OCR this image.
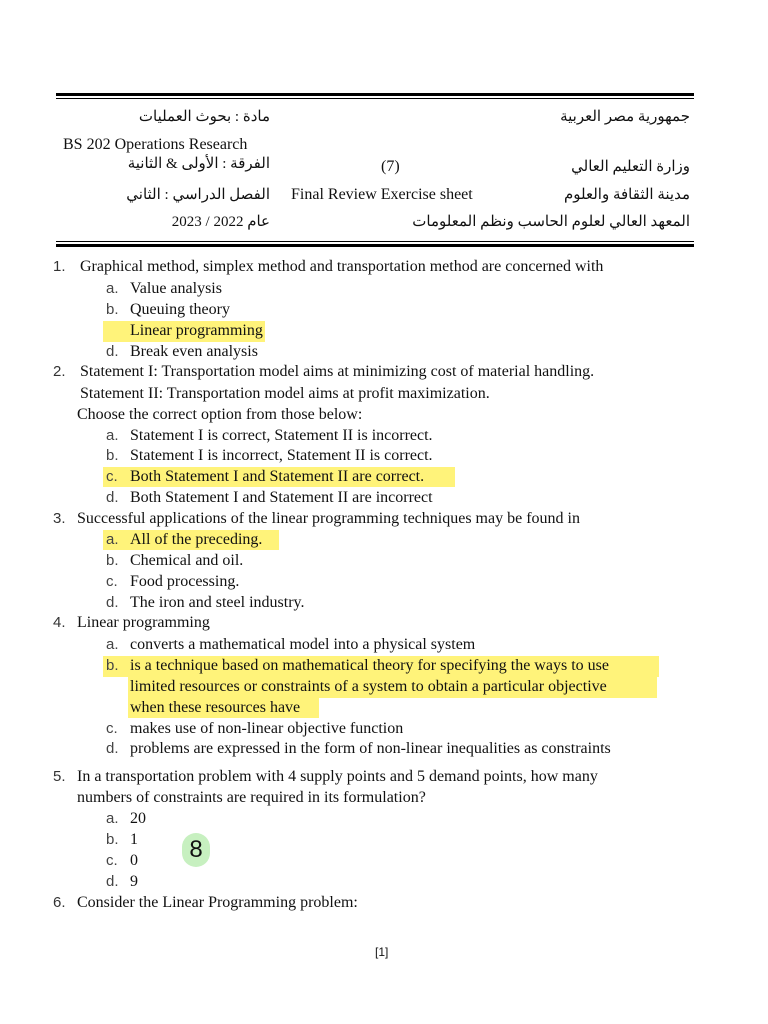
جمهورية مصر العربية
وزارة التعليم العالي
مدينة الثقافة والعلوم
المعهد العالي لعلوم الحاسب ونظم المعلومات
مادة : بحوث العمليات
BS 202 Operations Research
الفرقة : الأولى & الثانية
الفصل الدراسي : الثاني
عام 2022 / 2023
(7)
Final Review Exercise sheet
1. Graphical method, simplex method and transportation method are concerned with
a. Value analysis
b. Queuing theory
Linear programming
d. Break even analysis
2. Statement I: Transportation model aims at minimizing cost of material handling.
Statement II: Transportation model aims at profit maximization.
Choose the correct option from those below:
a. Statement I is correct, Statement II is incorrect.
b. Statement I is incorrect, Statement II is correct.
c. Both Statement I and Statement II are correct.
d. Both Statement I and Statement II are incorrect
3. Successful applications of the linear programming techniques may be found in
a. All of the preceding.
b. Chemical and oil.
c. Food processing.
d. The iron and steel industry.
4. Linear programming
a. converts a mathematical model into a physical system
b. is a technique based on mathematical theory for specifying the ways to use
limited resources or constraints of a system to obtain a particular objective
when these resources have
c. makes use of non-linear objective function
d. problems are expressed in the form of non-linear inequalities as constraints
5. In a transportation problem with 4 supply points and 5 demand points, how many
numbers of constraints are required in its formulation?
a. 20
b. 1
c. 0
d. 9
8
6. Consider the Linear Programming problem:
[1]
